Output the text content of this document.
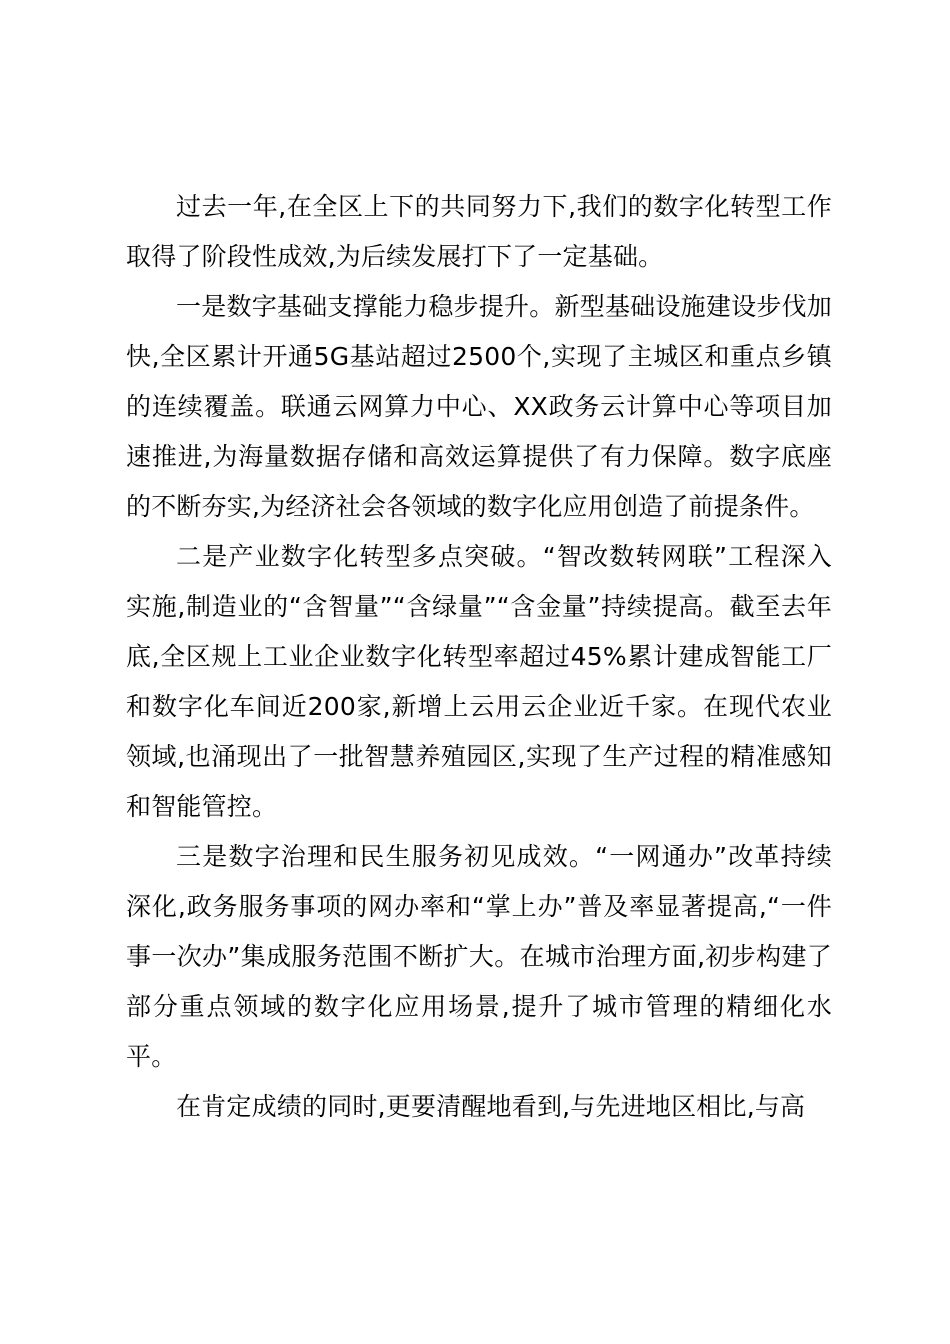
过去一年,在全区上下的共同努力下,我们的数字化转型工作取得了阶段性成效,为后续发展打下了一定基础。

一是数字基础支撑能力稳步提升。新型基础设施建设步伐加快,全区累计开通5G基站超过2500个,实现了主城区和重点乡镇的连续覆盖。联通云网算力中心、XX政务云计算中心等项目加速推进,为海量数据存储和高效运算提供了有力保障。数字底座的不断夯实,为经济社会各领域的数字化应用创造了前提条件。

二是产业数字化转型多点突破。“智改数转网联”工程深入实施,制造业的“含智量”“含绿量”“含金量”持续提高。截至去年底,全区规上工业企业数字化转型率超过45%累计建成智能工厂和数字化车间近200家,新增上云用云企业近千家。在现代农业领域,也涌现出了一批智慧养殖园区,实现了生产过程的精准感知和智能管控。

三是数字治理和民生服务初见成效。“一网通办”改革持续深化,政务服务事项的网办率和“掌上办”普及率显著提高,“一件事一次办”集成服务范围不断扩大。在城市治理方面,初步构建了部分重点领域的数字化应用场景,提升了城市管理的精细化水平。

在肯定成绩的同时,更要清醒地看到,与先进地区相比,与高
